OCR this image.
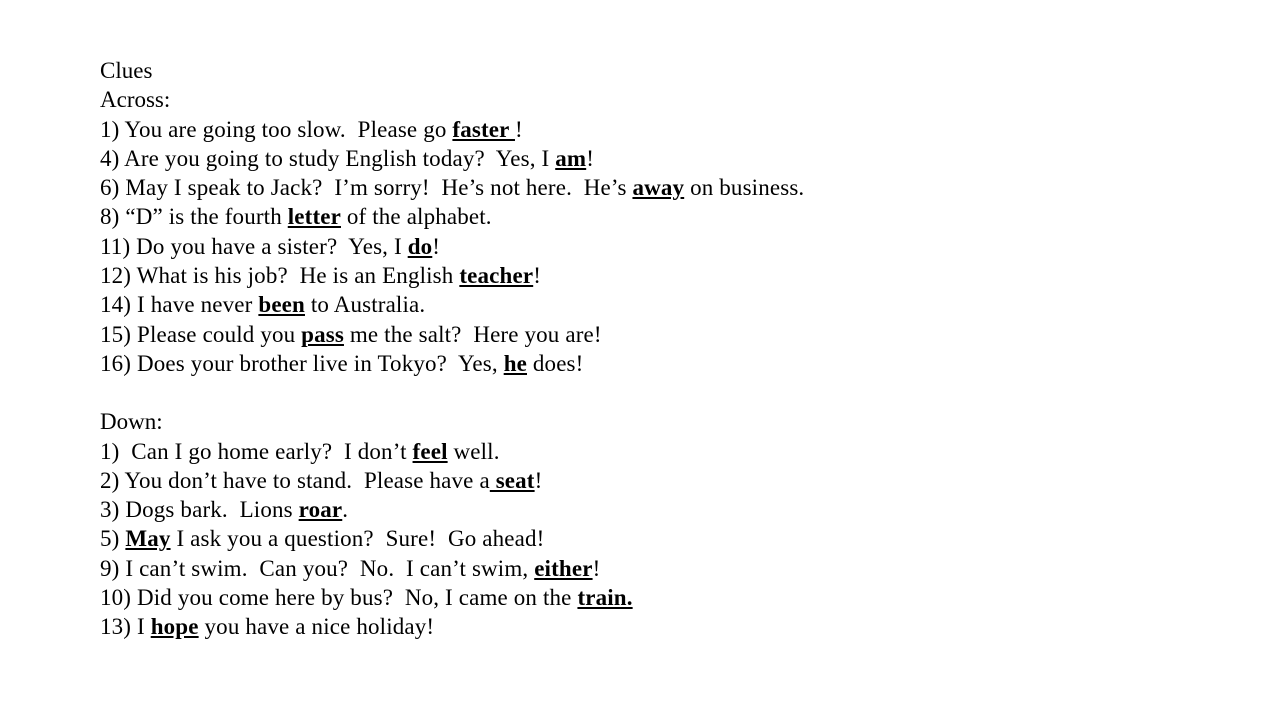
Clues
Across:
1) You are going too slow.  Please go faster !
4) Are you going to study English today?  Yes, I am!
6) May I speak to Jack?  I’m sorry!  He’s not here.  He’s away on business.
8) “D” is the fourth letter of the alphabet.
11) Do you have a sister?  Yes, I do!
12) What is his job?  He is an English teacher!
14) I have never been to Australia.
15) Please could you pass me the salt?  Here you are!
16) Does your brother live in Tokyo?  Yes, he does!
Down:
1)  Can I go home early?  I don’t feel well.
2) You don’t have to stand.  Please have a seat!
3) Dogs bark.  Lions roar.
5) May I ask you a question?  Sure!  Go ahead!
9) I can’t swim.  Can you?  No.  I can’t swim, either!
10) Did you come here by bus?  No, I came on the train.
13) I hope you have a nice holiday!
